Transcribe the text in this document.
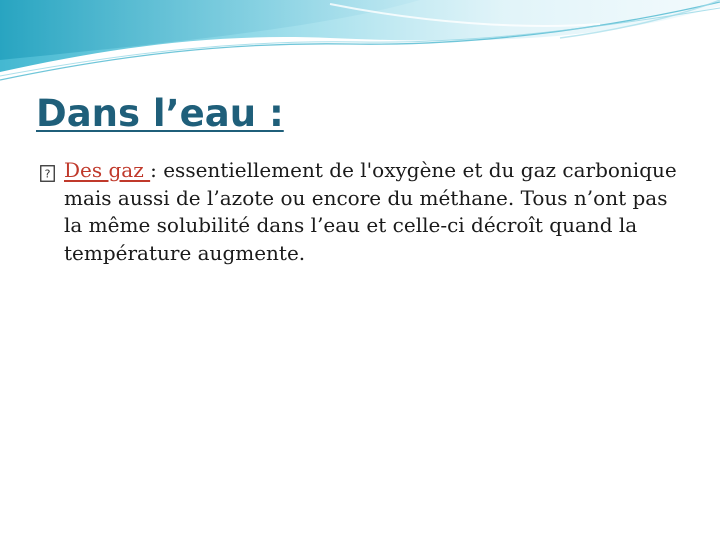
Dans l’eau :
? Des gaz : essentiellement de l'oxygène et du gaz carbonique mais aussi de l’azote ou encore du méthane. Tous n’ont pas la même solubilité dans l’eau et celle-ci décroît quand la température augmente.
